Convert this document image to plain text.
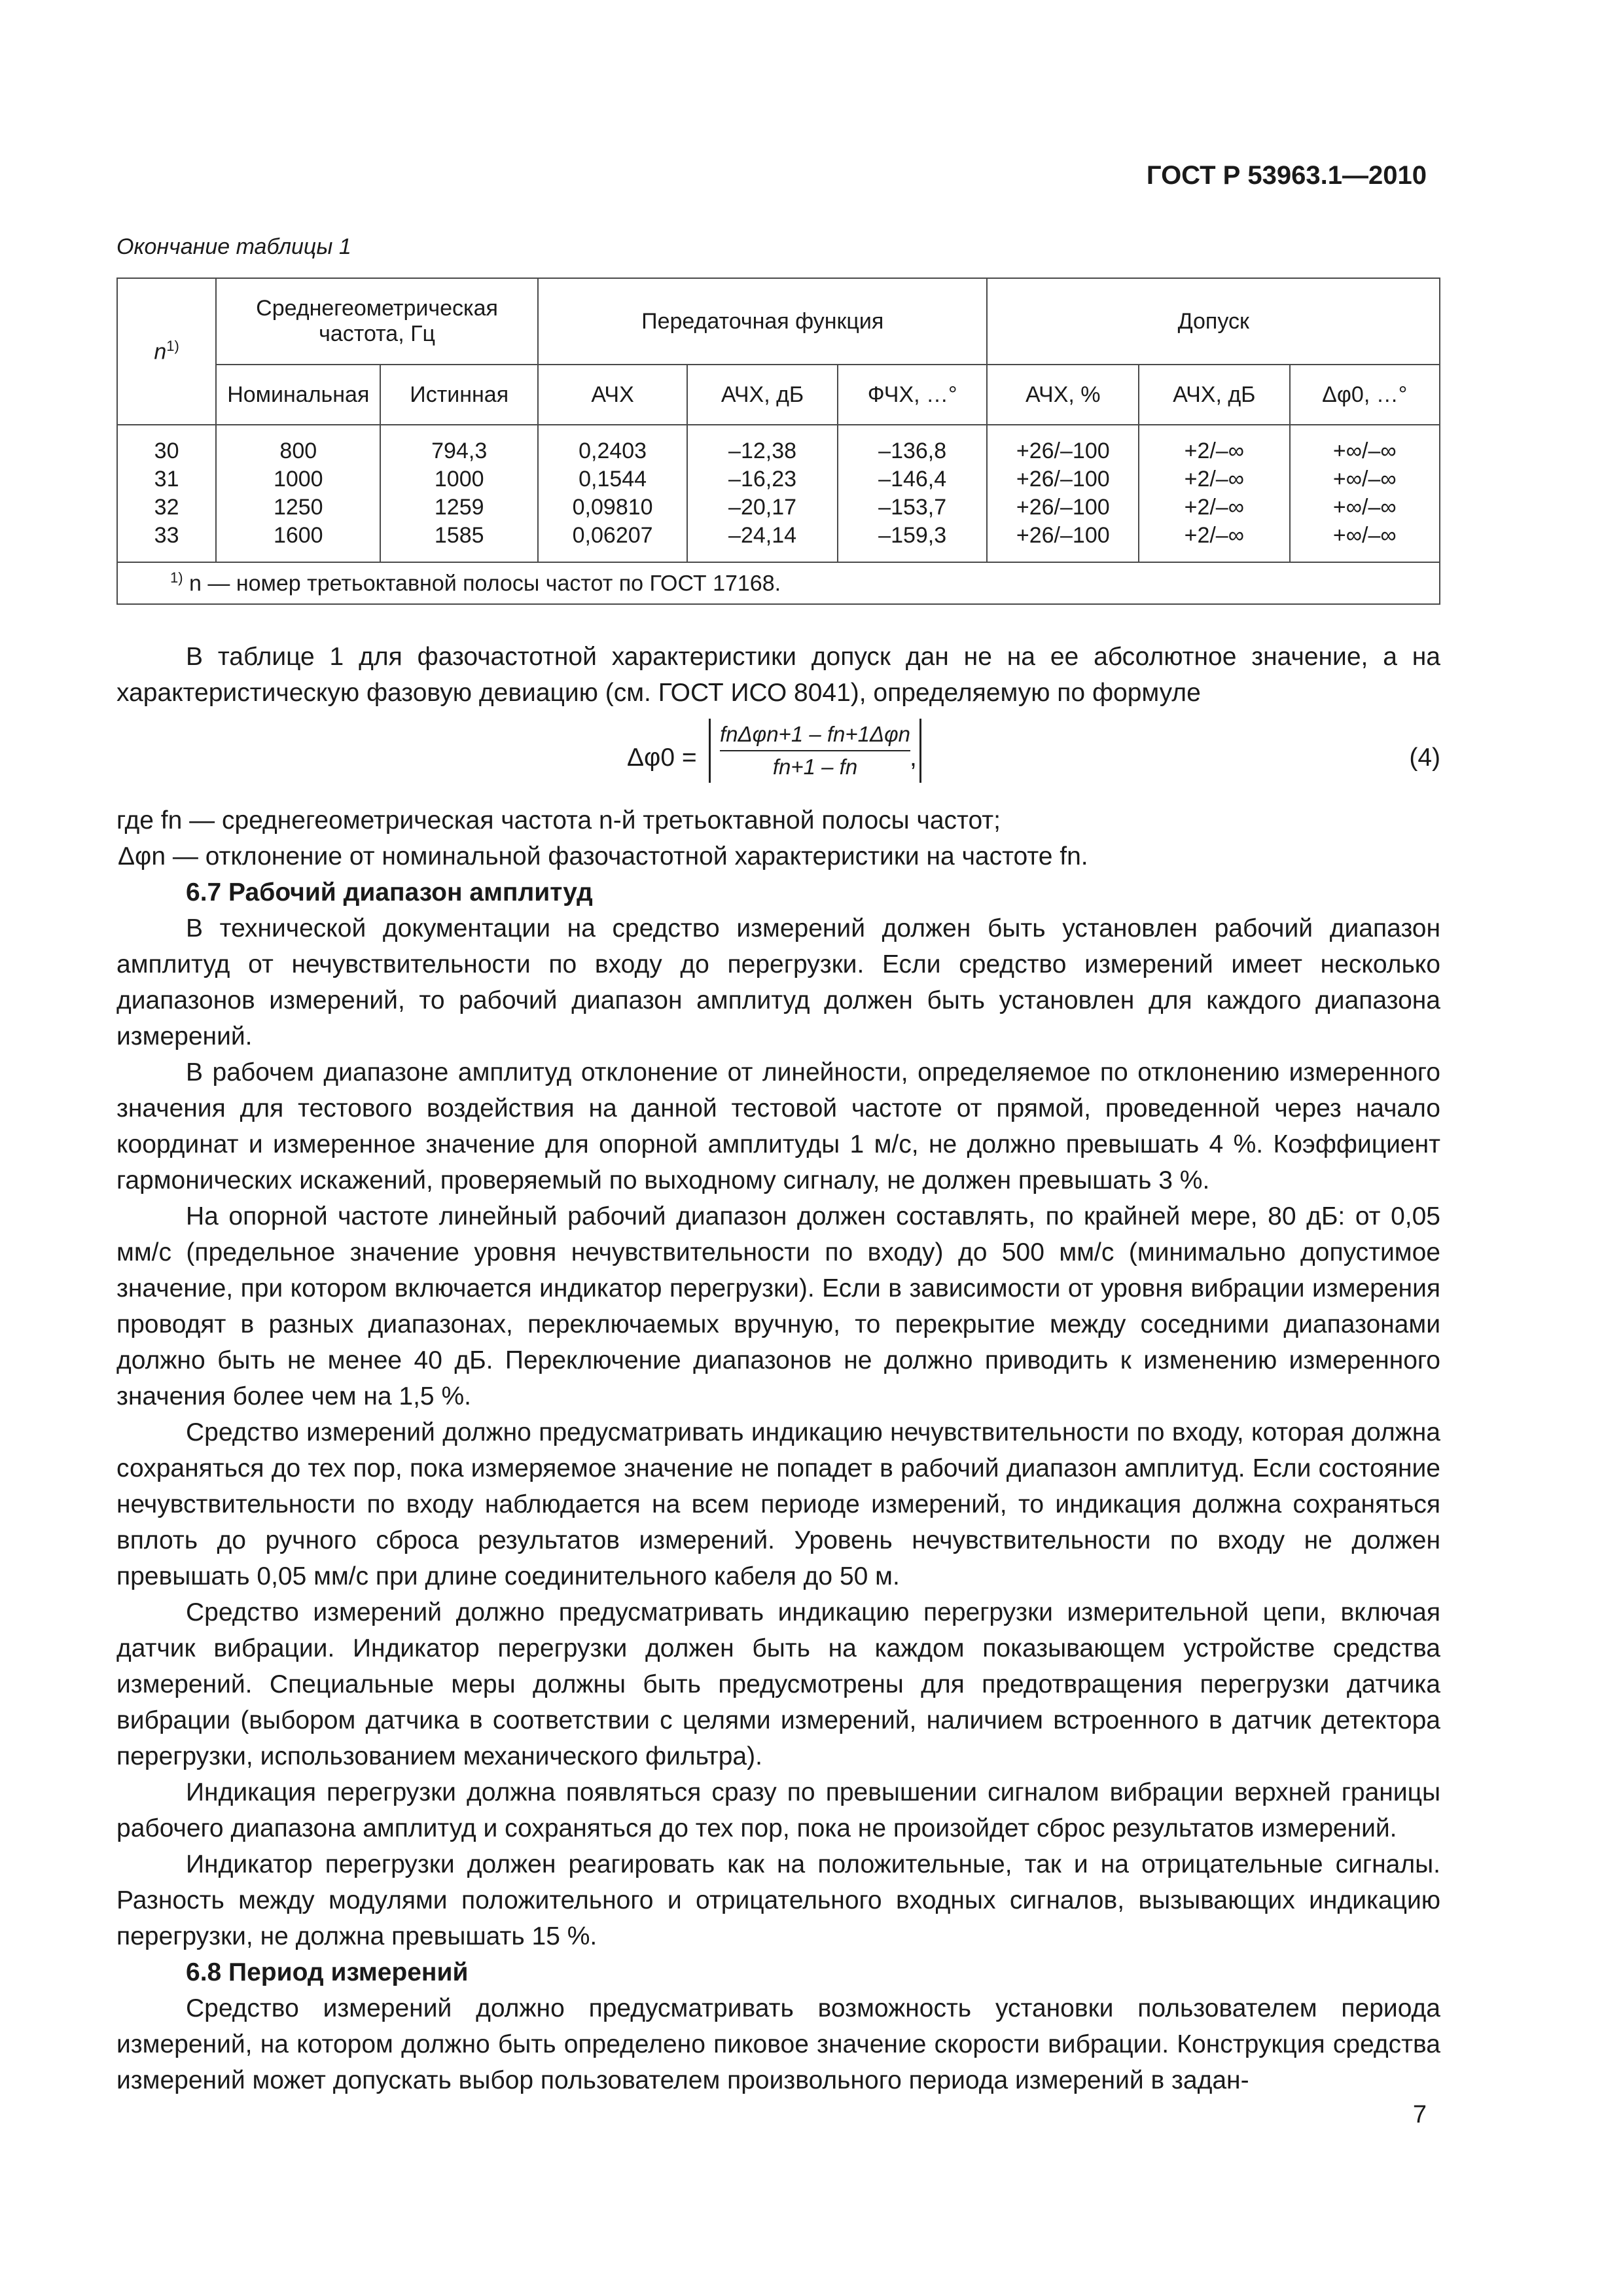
ГОСТ Р 53963.1—2010
Окончание таблицы 1
$n^{1)}$	Среднегеометрическая частота, Гц		Передаточная функция			Допуск		
	Номинальная	Истинная	АЧХ	АЧХ, дБ	ФЧХ, …°	АЧХ, %	АЧХ, дБ	Δφ0, …°
30	800	794,3	0,2403	–12,38	–136,8	+26/–100	+2/–∞	+∞/–∞
31	1000	1000	0,1544	–16,23	–146,4	+26/–100	+2/–∞	+∞/–∞
32	1250	1259	0,09810	–20,17	–153,7	+26/–100	+2/–∞	+∞/–∞
33	1600	1585	0,06207	–24,14	–159,3	+26/–100	+2/–∞	+∞/–∞
$^{1)}$ n — номер третьоктавной полосы частот по ГОСТ 17168.								

В таблице 1 для фазочастотной характеристики допуск дан не на ее абсолютное значение, а на характеристическую фазовую девиацию (см. ГОСТ ИСО 8041), определяемую по формуле

Δφ0 =
fnΔφn+1 – fn+1Δφn
fn+1 – fn	,	(4)
где fn — среднегеометрическая частота n-й третьоктавной полосы частот;
Δφn — отклонение от номинальной фазочастотной характеристики на частоте fn.
6.7 Рабочий диапазон амплитуд

В технической документации на средство измерений должен быть установлен рабочий диапазон амплитуд от нечувствительности по входу до перегрузки. Если средство измерений имеет несколько диапазонов измерений, то рабочий диапазон амплитуд должен быть установлен для каждого диапазона измерений.

В рабочем диапазоне амплитуд отклонение от линейности, определяемое по отклонению измеренного значения для тестового воздействия на данной тестовой частоте от прямой, проведенной через начало координат и измеренное значение для опорной амплитуды 1 м/с, не должно превышать 4 %. Коэффициент гармонических искажений, проверяемый по выходному сигналу, не должен превышать 3 %.

На опорной частоте линейный рабочий диапазон должен составлять, по крайней мере, 80 дБ: от 0,05 мм/с (предельное значение уровня нечувствительности по входу) до 500 мм/с (минимально допустимое значение, при котором включается индикатор перегрузки). Если в зависимости от уровня вибрации измерения проводят в разных диапазонах, переключаемых вручную, то перекрытие между соседними диапазонами должно быть не менее 40 дБ. Переключение диапазонов не должно приводить к изменению измеренного значения более чем на 1,5 %.

Средство измерений должно предусматривать индикацию нечувствительности по входу, которая должна сохраняться до тех пор, пока измеряемое значение не попадет в рабочий диапазон амплитуд. Если состояние нечувствительности по входу наблюдается на всем периоде измерений, то индикация должна сохраняться вплоть до ручного сброса результатов измерений. Уровень нечувствительности по входу не должен превышать 0,05 мм/с при длине соединительного кабеля до 50 м.

Средство измерений должно предусматривать индикацию перегрузки измерительной цепи, включая датчик вибрации. Индикатор перегрузки должен быть на каждом показывающем устройстве средства измерений. Специальные меры должны быть предусмотрены для предотвращения перегрузки датчика вибрации (выбором датчика в соответствии с целями измерений, наличием встроенного в датчик детектора перегрузки, использованием механического фильтра).

Индикация перегрузки должна появляться сразу по превышении сигналом вибрации верхней границы рабочего диапазона амплитуд и сохраняться до тех пор, пока не произойдет сброс результатов измерений.

Индикатор перегрузки должен реагировать как на положительные, так и на отрицательные сигналы. Разность между модулями положительного и отрицательного входных сигналов, вызывающих индикацию перегрузки, не должна превышать 15 %.

6.8 Период измерений

Средство измерений должно предусматривать возможность установки пользователем периода измерений, на котором должно быть определено пиковое значение скорости вибрации. Конструкция средства измерений может допускать выбор пользователем произвольного периода измерений в задан-

7
